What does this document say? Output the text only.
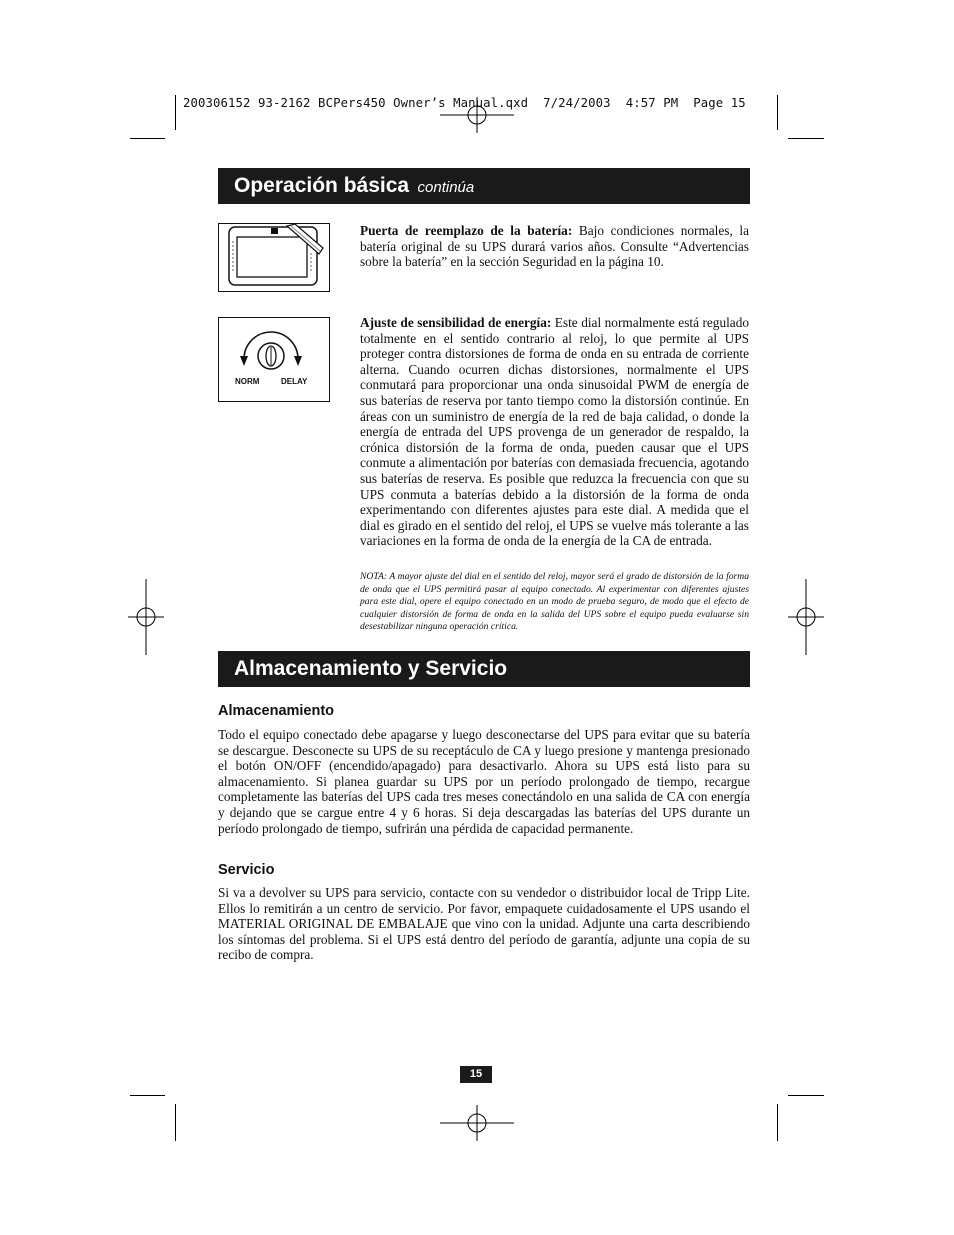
200306152 93-2162 BCPers450 Owner’s Manual.qxd  7/24/2003  4:57 PM  Page 15
Operación básica continúa
Puerta de reemplazo de la batería: Bajo condiciones normales, la batería original de su UPS durará varios años. Consulte “Advertencias sobre la batería” en la sección Seguridad en la página 10.
NORM	DELAY
Ajuste de sensibilidad de energía: Este dial normalmente está regulado totalmente en el sentido contrario al reloj, lo que permite al UPS proteger contra distorsiones de forma de onda en su entrada de corriente alterna. Cuando ocurren dichas distorsiones, normalmente el UPS conmutará para proporcionar una onda sinusoidal PWM de energía de sus baterías de reserva por tanto tiempo como la distorsión continúe. En áreas con un suministro de energía de la red de baja calidad, o donde la energía de entrada del UPS provenga de un generador de respaldo, la crónica distorsión de la forma de onda, pueden causar que el UPS conmute a alimentación por baterías con demasiada frecuencia, agotando sus baterías de reserva. Es posible que reduzca la frecuencia con que su UPS conmuta a baterías debido a la distorsión de la forma de onda experimentando con diferentes ajustes para este dial. A medida que el dial es girado en el sentido del reloj, el UPS se vuelve más tolerante a las variaciones en la forma de onda de la energía de la CA de entrada.
NOTA: A mayor ajuste del dial en el sentido del reloj, mayor será el grado de distorsión de la forma de onda que el UPS permitirá pasar al equipo conectado. Al experimentar con diferentes ajustes para este dial, opere el equipo conectado en un modo de prueba seguro, de modo que el efecto de cualquier distorsión de forma de onda en la salida del UPS sobre el equipo pueda evaluarse sin desestabilizar ninguna operación crítica.
Almacenamiento y Servicio
Almacenamiento
Todo el equipo conectado debe apagarse y luego desconectarse del UPS para evitar que su batería se descargue. Desconecte su UPS de su receptáculo de CA y luego presione y mantenga presionado el botón ON/OFF (encendido/apagado) para desactivarlo. Ahora su UPS está listo para su almacenamiento. Si planea guardar su UPS por un período prolongado de tiempo, recargue completamente las baterías del UPS cada tres meses conectándolo en una salida de CA con energía y dejando que se cargue entre 4 y 6 horas. Si deja descargadas las baterías del UPS durante un período prolongado de tiempo, sufrirán una pérdida de capacidad permanente.
Servicio
Si va a devolver su UPS para servicio, contacte con su vendedor o distribuidor local de Tripp Lite. Ellos lo remitirán a un centro de servicio. Por favor, empaquete cuidadosamente el UPS usando el MATERIAL ORIGINAL DE EMBALAJE que vino con la unidad. Adjunte una carta describiendo los síntomas del problema. Si el UPS está dentro del período de garantía, adjunte una copia de su recibo de compra.
15
